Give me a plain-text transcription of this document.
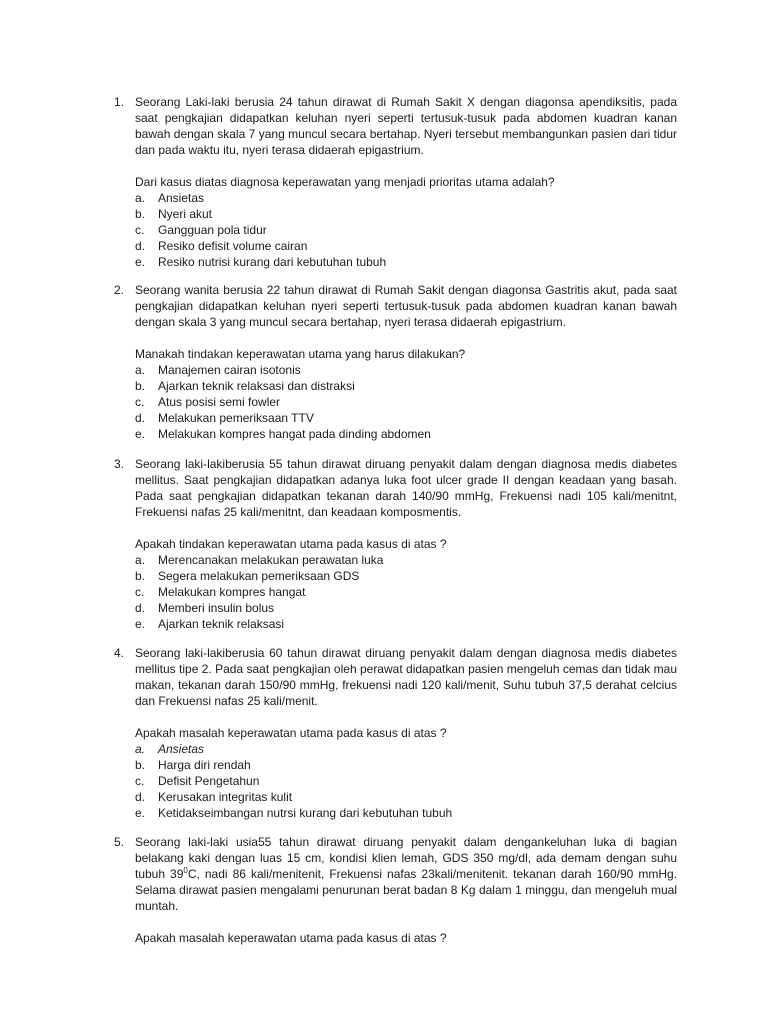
1. Seorang Laki-laki berusia 24 tahun dirawat di Rumah Sakit X dengan diagonsa apendiksitis, pada saat pengkajian didapatkan keluhan nyeri seperti tertusuk-tusuk pada abdomen kuadran kanan bawah dengan skala 7 yang muncul secara bertahap. Nyeri tersebut membangunkan pasien dari tidur dan pada waktu itu, nyeri terasa didaerah epigastrium.
Dari kasus diatas diagnosa keperawatan yang menjadi prioritas utama adalah?
a. Ansietas
b. Nyeri akut
c. Gangguan pola tidur
d. Resiko defisit volume cairan
e. Resiko nutrisi kurang dari kebutuhan tubuh
2. Seorang wanita berusia 22 tahun dirawat di Rumah Sakit dengan diagonsa Gastritis akut, pada saat pengkajian didapatkan keluhan nyeri seperti tertusuk-tusuk pada abdomen kuadran kanan bawah dengan skala 3 yang muncul secara bertahap, nyeri terasa didaerah epigastrium.
Manakah tindakan keperawatan utama yang harus dilakukan?
a. Manajemen cairan isotonis
b. Ajarkan teknik relaksasi dan distraksi
c. Atus posisi semi fowler
d. Melakukan pemeriksaan TTV
e. Melakukan kompres hangat pada dinding abdomen
3. Seorang laki-lakiberusia 55 tahun dirawat diruang penyakit dalam dengan diagnosa medis diabetes mellitus. Saat pengkajian didapatkan adanya luka foot ulcer grade II dengan keadaan yang basah. Pada saat pengkajian didapatkan tekanan darah 140/90 mmHg, Frekuensi nadi 105 kali/menitnt, Frekuensi nafas 25 kali/menitnt, dan keadaan komposmentis.
Apakah tindakan keperawatan utama pada kasus di atas ?
a. Merencanakan melakukan perawatan luka
b. Segera melakukan pemeriksaan GDS
c. Melakukan kompres hangat
d. Memberi insulin bolus
e. Ajarkan teknik relaksasi
4. Seorang laki-lakiberusia 60 tahun dirawat diruang penyakit dalam dengan diagnosa medis diabetes mellitus tipe 2. Pada saat pengkajian oleh perawat didapatkan pasien mengeluh cemas dan tidak mau makan, tekanan darah 150/90 mmHg, frekuensi nadi 120 kali/menit, Suhu tubuh 37,5 derahat celcius dan Frekuensi nafas 25 kali/menit.
Apakah masalah keperawatan utama pada kasus di atas ?
a. Ansietas
b. Harga diri rendah
c. Defisit Pengetahun
d. Kerusakan integritas kulit
e. Ketidakseimbangan nutrsi kurang dari kebutuhan tubuh
5. Seorang laki-laki usia55 tahun dirawat diruang penyakit dalam dengankeluhan luka di bagian belakang kaki dengan luas 15 cm, kondisi klien lemah, GDS 350 mg/dl, ada demam dengan suhu tubuh $39^0C$, nadi 86 kali/menitenit, Frekuensi nafas 23kali/menitenit. tekanan darah 160/90 mmHg. Selama dirawat pasien mengalami penurunan berat badan 8 Kg dalam 1 minggu, dan mengeluh mual muntah.
Apakah masalah keperawatan utama pada kasus di atas ?
